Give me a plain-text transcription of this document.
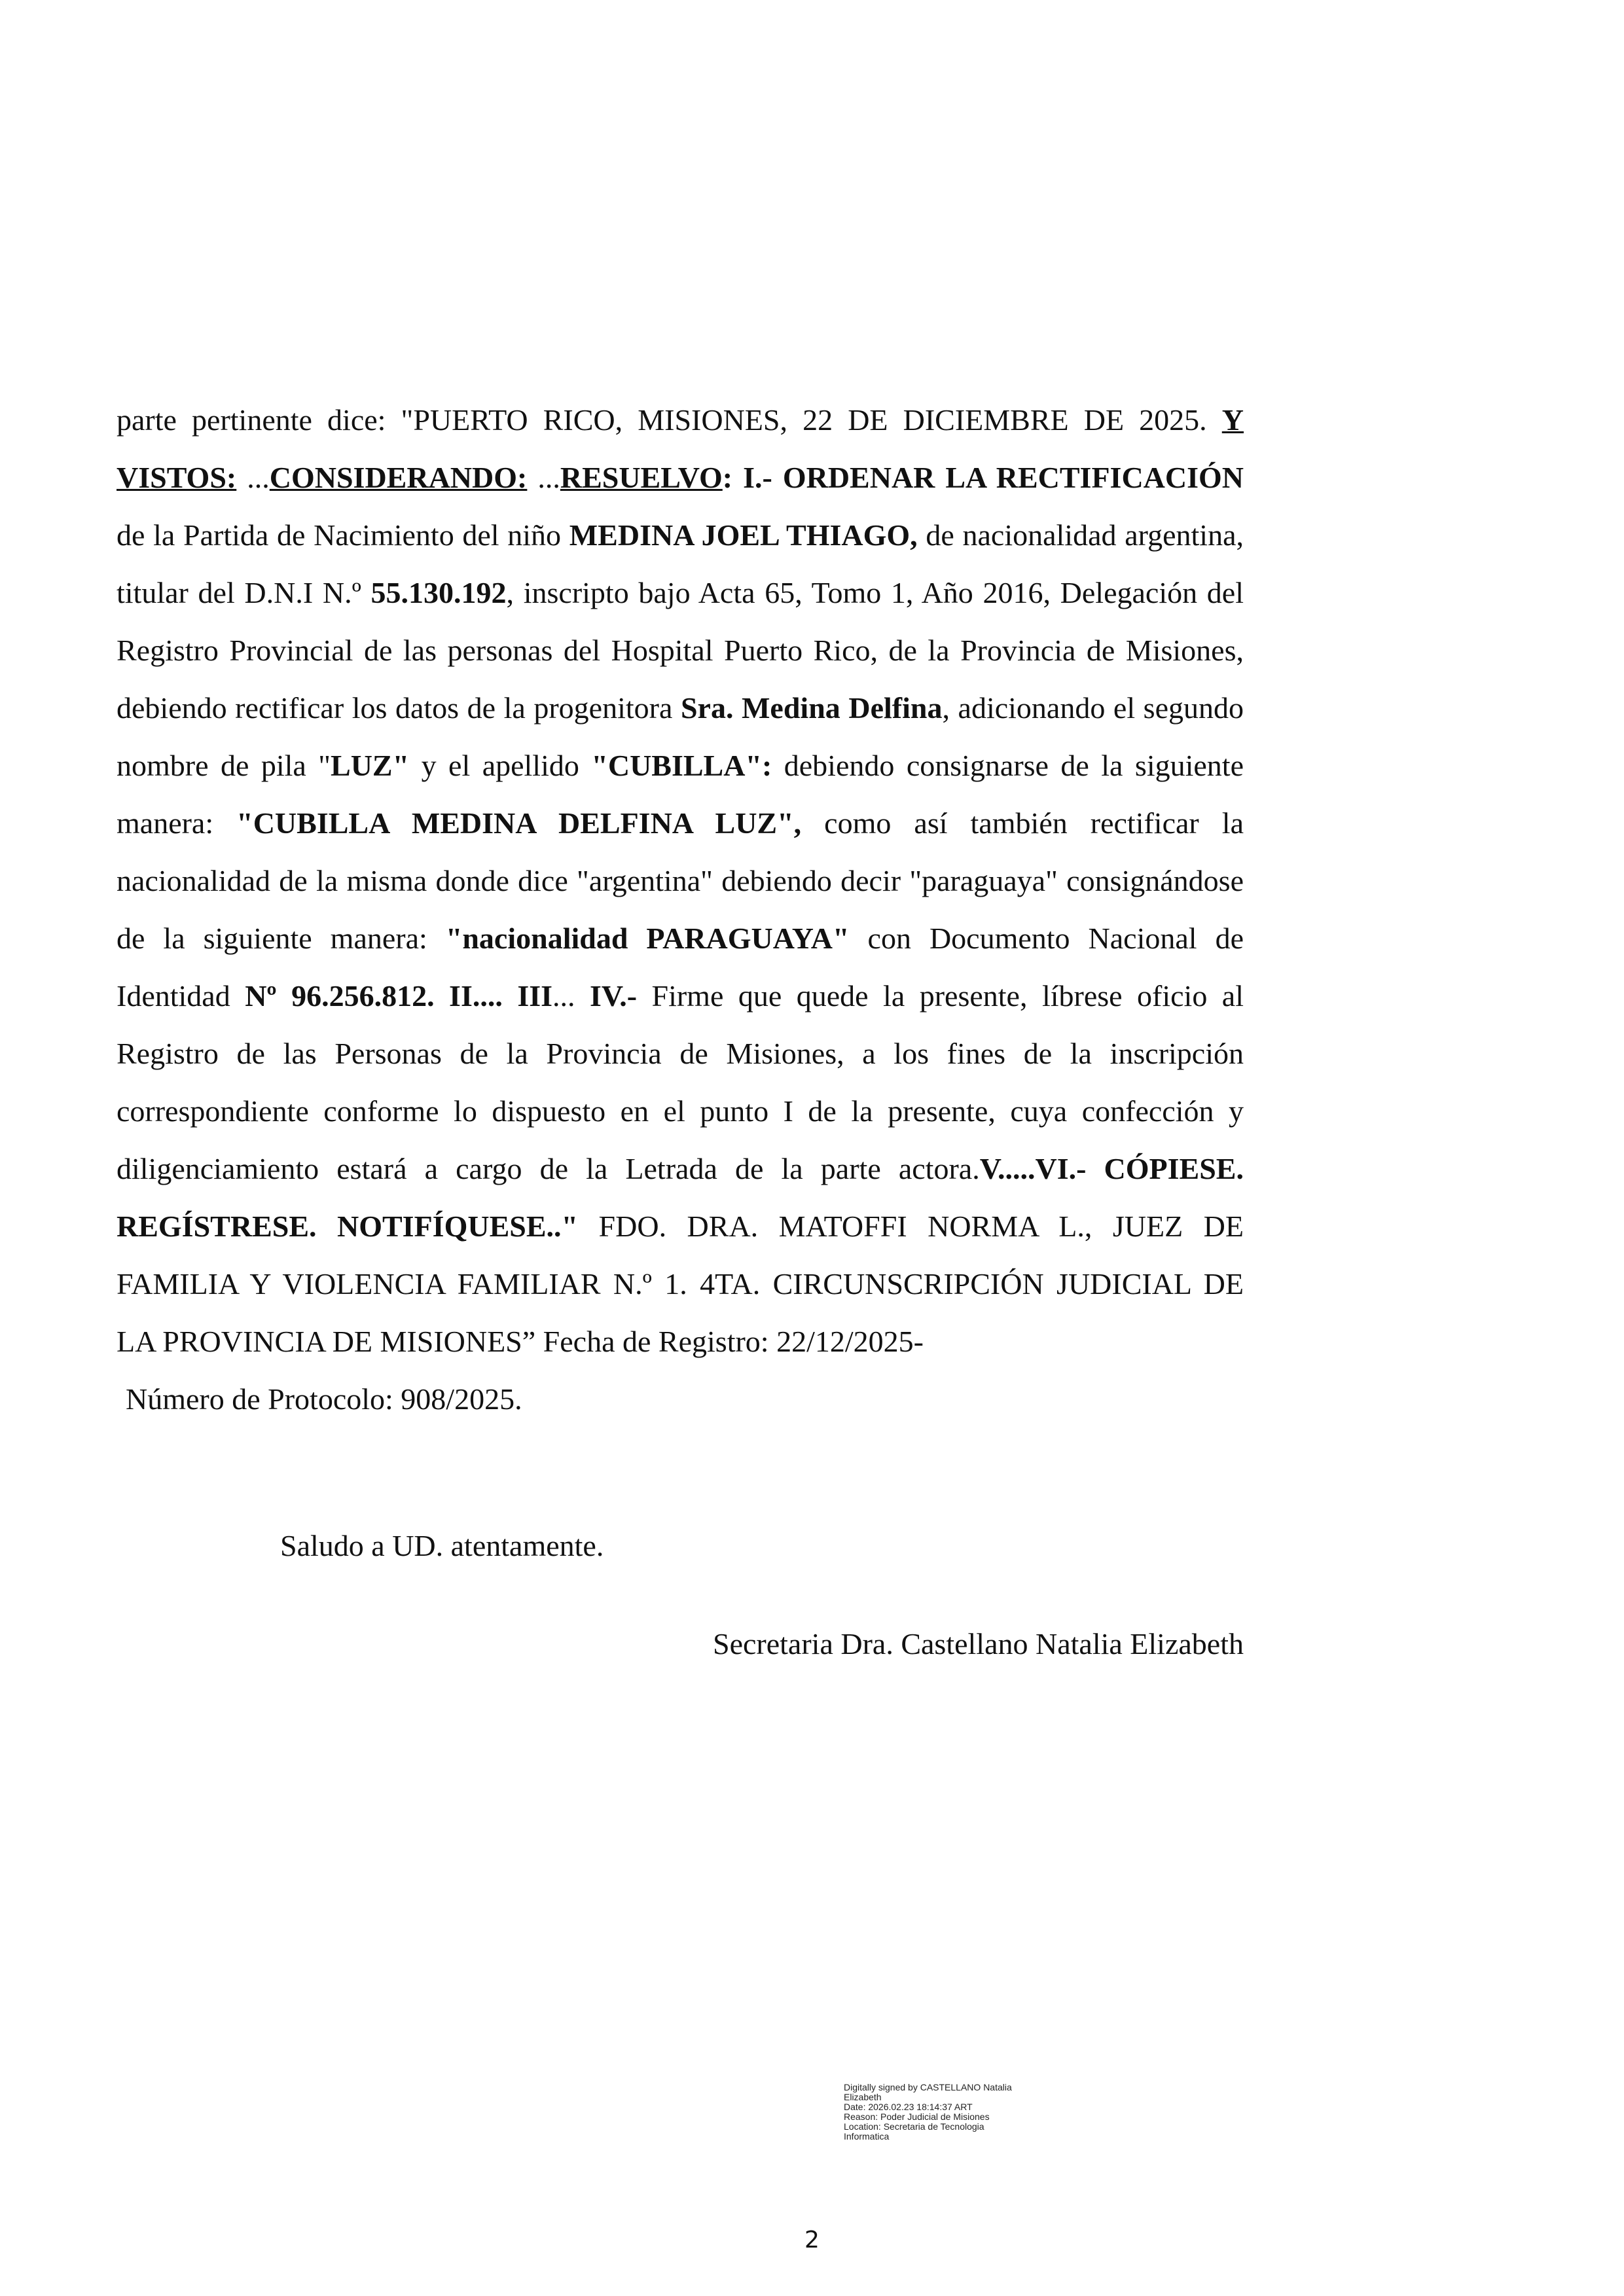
parte pertinente dice: "PUERTO RICO, MISIONES, 22 DE DICIEMBRE DE 2025. Y VISTOS: ...CONSIDERANDO: ...RESUELVO: I.- ORDENAR LA RECTIFICACIÓN de la Partida de Nacimiento del niño MEDINA JOEL THIAGO, de nacionalidad argentina, titular del D.N.I N.º 55.130.192, inscripto bajo Acta 65, Tomo 1, Año 2016, Delegación del Registro Provincial de las personas del Hospital Puerto Rico, de la Provincia de Misiones, debiendo rectificar los datos de la progenitora Sra. Medina Delfina, adicionando el segundo nombre de pila "LUZ" y el apellido "CUBILLA": debiendo consignarse de la siguiente manera: "CUBILLA MEDINA DELFINA LUZ", como así también rectificar la nacionalidad de la misma donde dice "argentina" debiendo decir "paraguaya" consignándose de la siguiente manera: "nacionalidad PARAGUAYA" con Documento Nacional de Identidad Nº 96.256.812. II.... III... IV.- Firme que quede la presente, líbrese oficio al Registro de las Personas de la Provincia de Misiones, a los fines de la inscripción correspondiente conforme lo dispuesto en el punto I de la presente, cuya confección y diligenciamiento estará a cargo de la Letrada de la parte actora.V.....VI.- CÓPIESE. REGÍSTRESE. NOTIFÍQUESE.." FDO. DRA. MATOFFI NORMA L., JUEZ DE FAMILIA Y VIOLENCIA FAMILIAR N.º 1. 4TA. CIRCUNSCRIPCIÓN JUDICIAL DE LA PROVINCIA DE MISIONES” Fecha de Registro: 22/12/2025-
Número de Protocolo: 908/2025.
Saludo a UD. atentamente.
Secretaria Dra. Castellano Natalia Elizabeth
Digitally signed by CASTELLANO Natalia
Elizabeth
Date: 2026.02.23 18:14:37 ART
Reason: Poder Judicial de Misiones
Location: Secretaria de Tecnologia
Informatica
2
